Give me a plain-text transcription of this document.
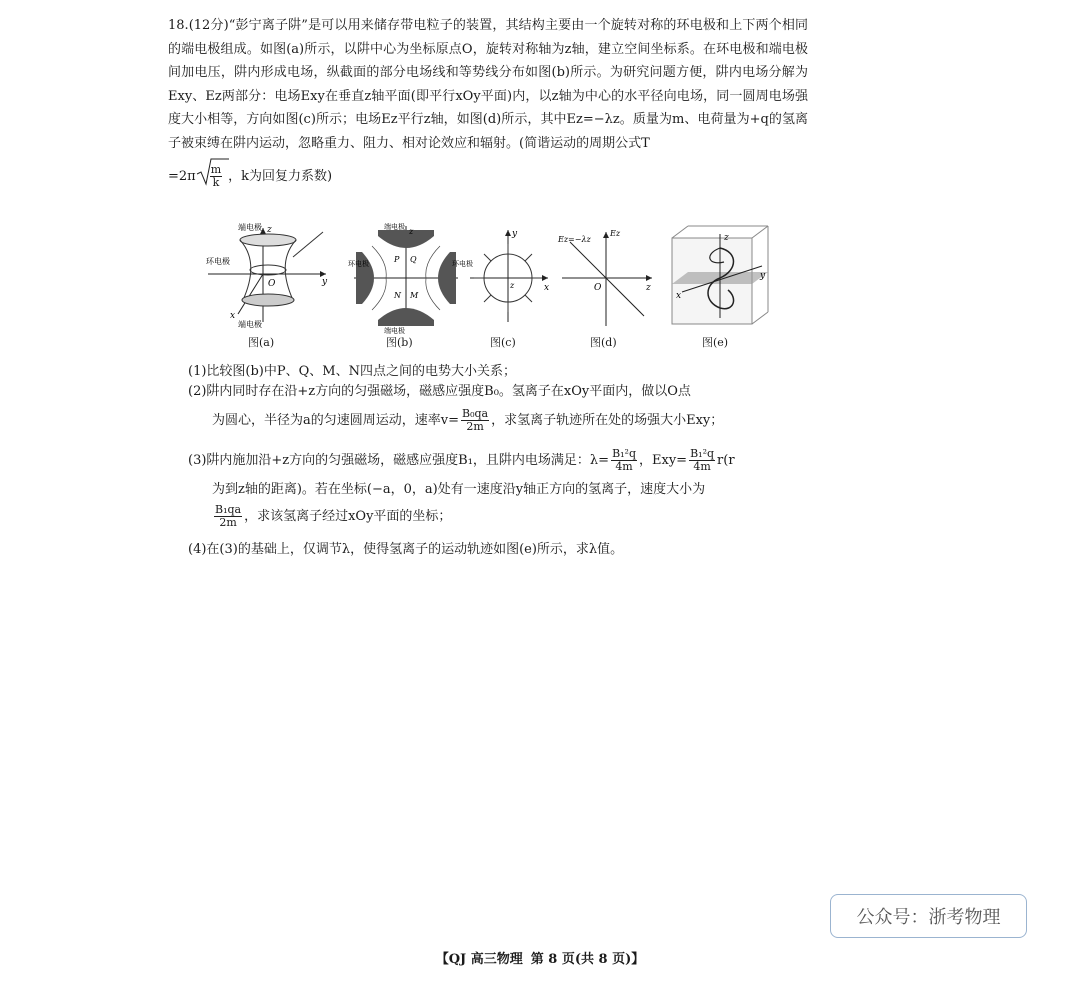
18.(12分)“彭宁离子阱”是可以用来储存带电粒子的装置，其结构主要由一个旋转对称的环电极和上下两个相同的端电极组成。如图(a)所示，以阱中心为坐标原点O，旋转对称轴为z轴，建立空间坐标系。在环电极和端电极间加电压，阱内形成电场，纵截面的部分电场线和等势线分布如图(b)所示。为研究问题方便，阱内电场分解为Exy、Ez两部分：电场Exy在垂直z轴平面(即平行xOy平面)内，以z轴为中心的水平径向电场，同一圆周电场强度大小相等，方向如图(c)所示；电场Ez平行z轴，如图(d)所示，其中Ez=−λz。质量为m、电荷量为+q的氢离子被束缚在阱内运动，忽略重力、阻力、相对论效应和辐射。(简谐运动的周期公式T

$=2\pi \frac{m}{k}$ ，k为回复力系数)

端电极
环电极
端电极
z
y
x
O
图(a)
端电极
端电极
环电极	环电极
z
P Q
M
N
图(b)
y
x
z
图(c)
Ez=−λz
Ez
O	z
图(d)
z
x
y
图(e)
(1)比较图(b)中P、Q、M、N四点之间的电势大小关系；
(2)阱内同时存在沿+z方向的匀强磁场，磁感应强度B₀。氢离子在xOy平面内，做以O点
为圆心，半径为a的匀速圆周运动，速率$v= \frac{\text{B₀qa}}{2m}$ ，求氢离子轨迹所在处的场强大小Exy；
(3)阱内施加沿+z方向的匀强磁场，磁感应强度B₁，且阱内电场满足：$\lambda= \frac{\text{B₁²q}}{4m}$ ，$Exy= \frac{\text{B₁²q}}{4m} r(r$
为到z轴的距离)。若在坐标(−a，0，a)处有一速度沿y轴正方向的氢离子，速度大小为
$\frac{\text{B₁qa}}{2m}$ ，求该氢离子经过xOy平面的坐标；
(4)在(3)的基础上，仅调节λ，使得氢离子的运动轨迹如图(e)所示，求λ值。
公众号：浙考物理
【QJ 高三物理 第 8 页(共 8 页)】
